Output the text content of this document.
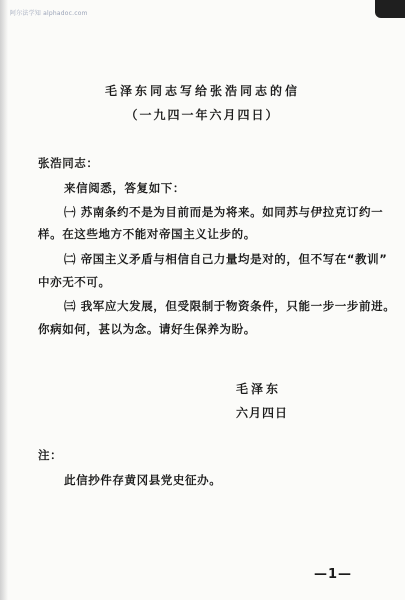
阿尔法学知 alphadoc.com
毛泽东同志写给张浩同志的信
（一九四一年六月四日）
张浩同志：
来信阅悉，答复如下：
㈠ 苏南条约不是为目前而是为将来。如同苏与伊拉克订约一
样。在这些地方不能对帝国主义让步的。
㈡ 帝国主义矛盾与相信自己力量均是对的，但不写在“教训”
中亦无不可。
㈢ 我军应大发展，但受限制于物资条件，只能一步一步前进。
你病如何，甚以为念。请好生保养为盼。
毛泽东
六月四日
注：
此信抄件存黄冈县党史征办。
—1—
